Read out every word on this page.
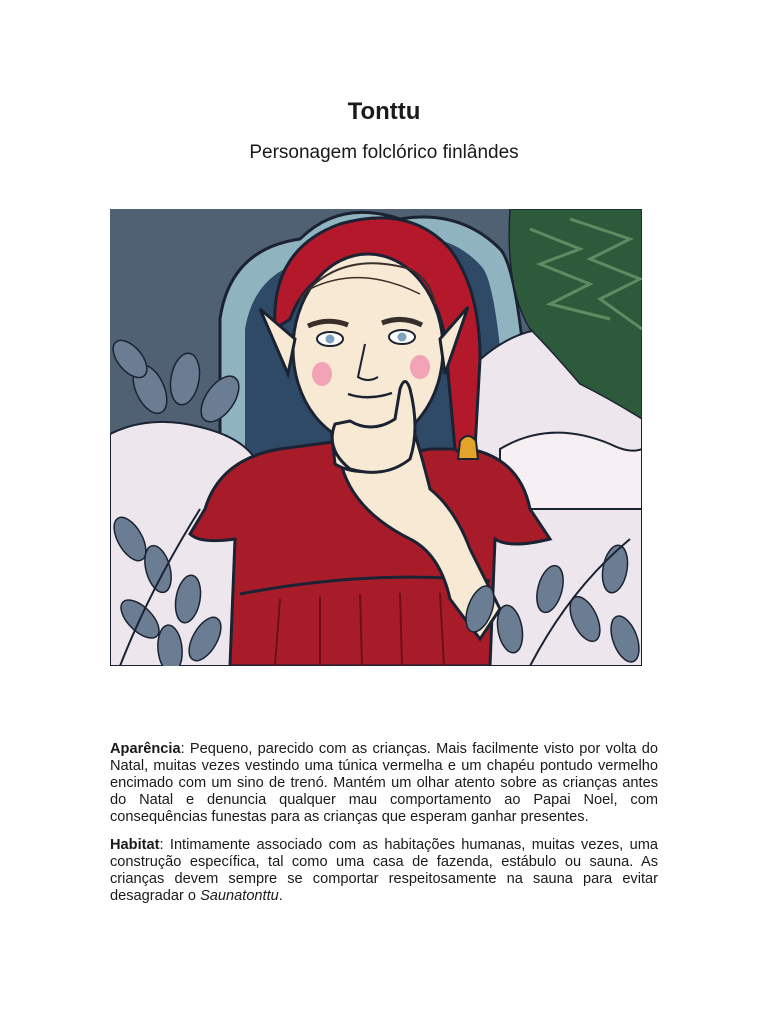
Tonttu
Personagem folclórico finlândes

Aparência: Pequeno, parecido com as crianças. Mais facilmente visto por volta do Natal, muitas vezes vestindo uma túnica vermelha e um chapéu pontudo vermelho encimado com um sino de trenó. Mantém um olhar atento sobre as crianças antes do Natal e denuncia qualquer mau comportamento ao Papai Noel, com consequências funestas para as crianças que esperam ganhar presentes.

Habitat: Intimamente associado com as habitações humanas, muitas vezes, uma construção específica, tal como uma casa de fazenda, estábulo ou sauna. As crianças devem sempre se comportar respeitosamente na sauna para evitar desagradar o Saunatonttu.
